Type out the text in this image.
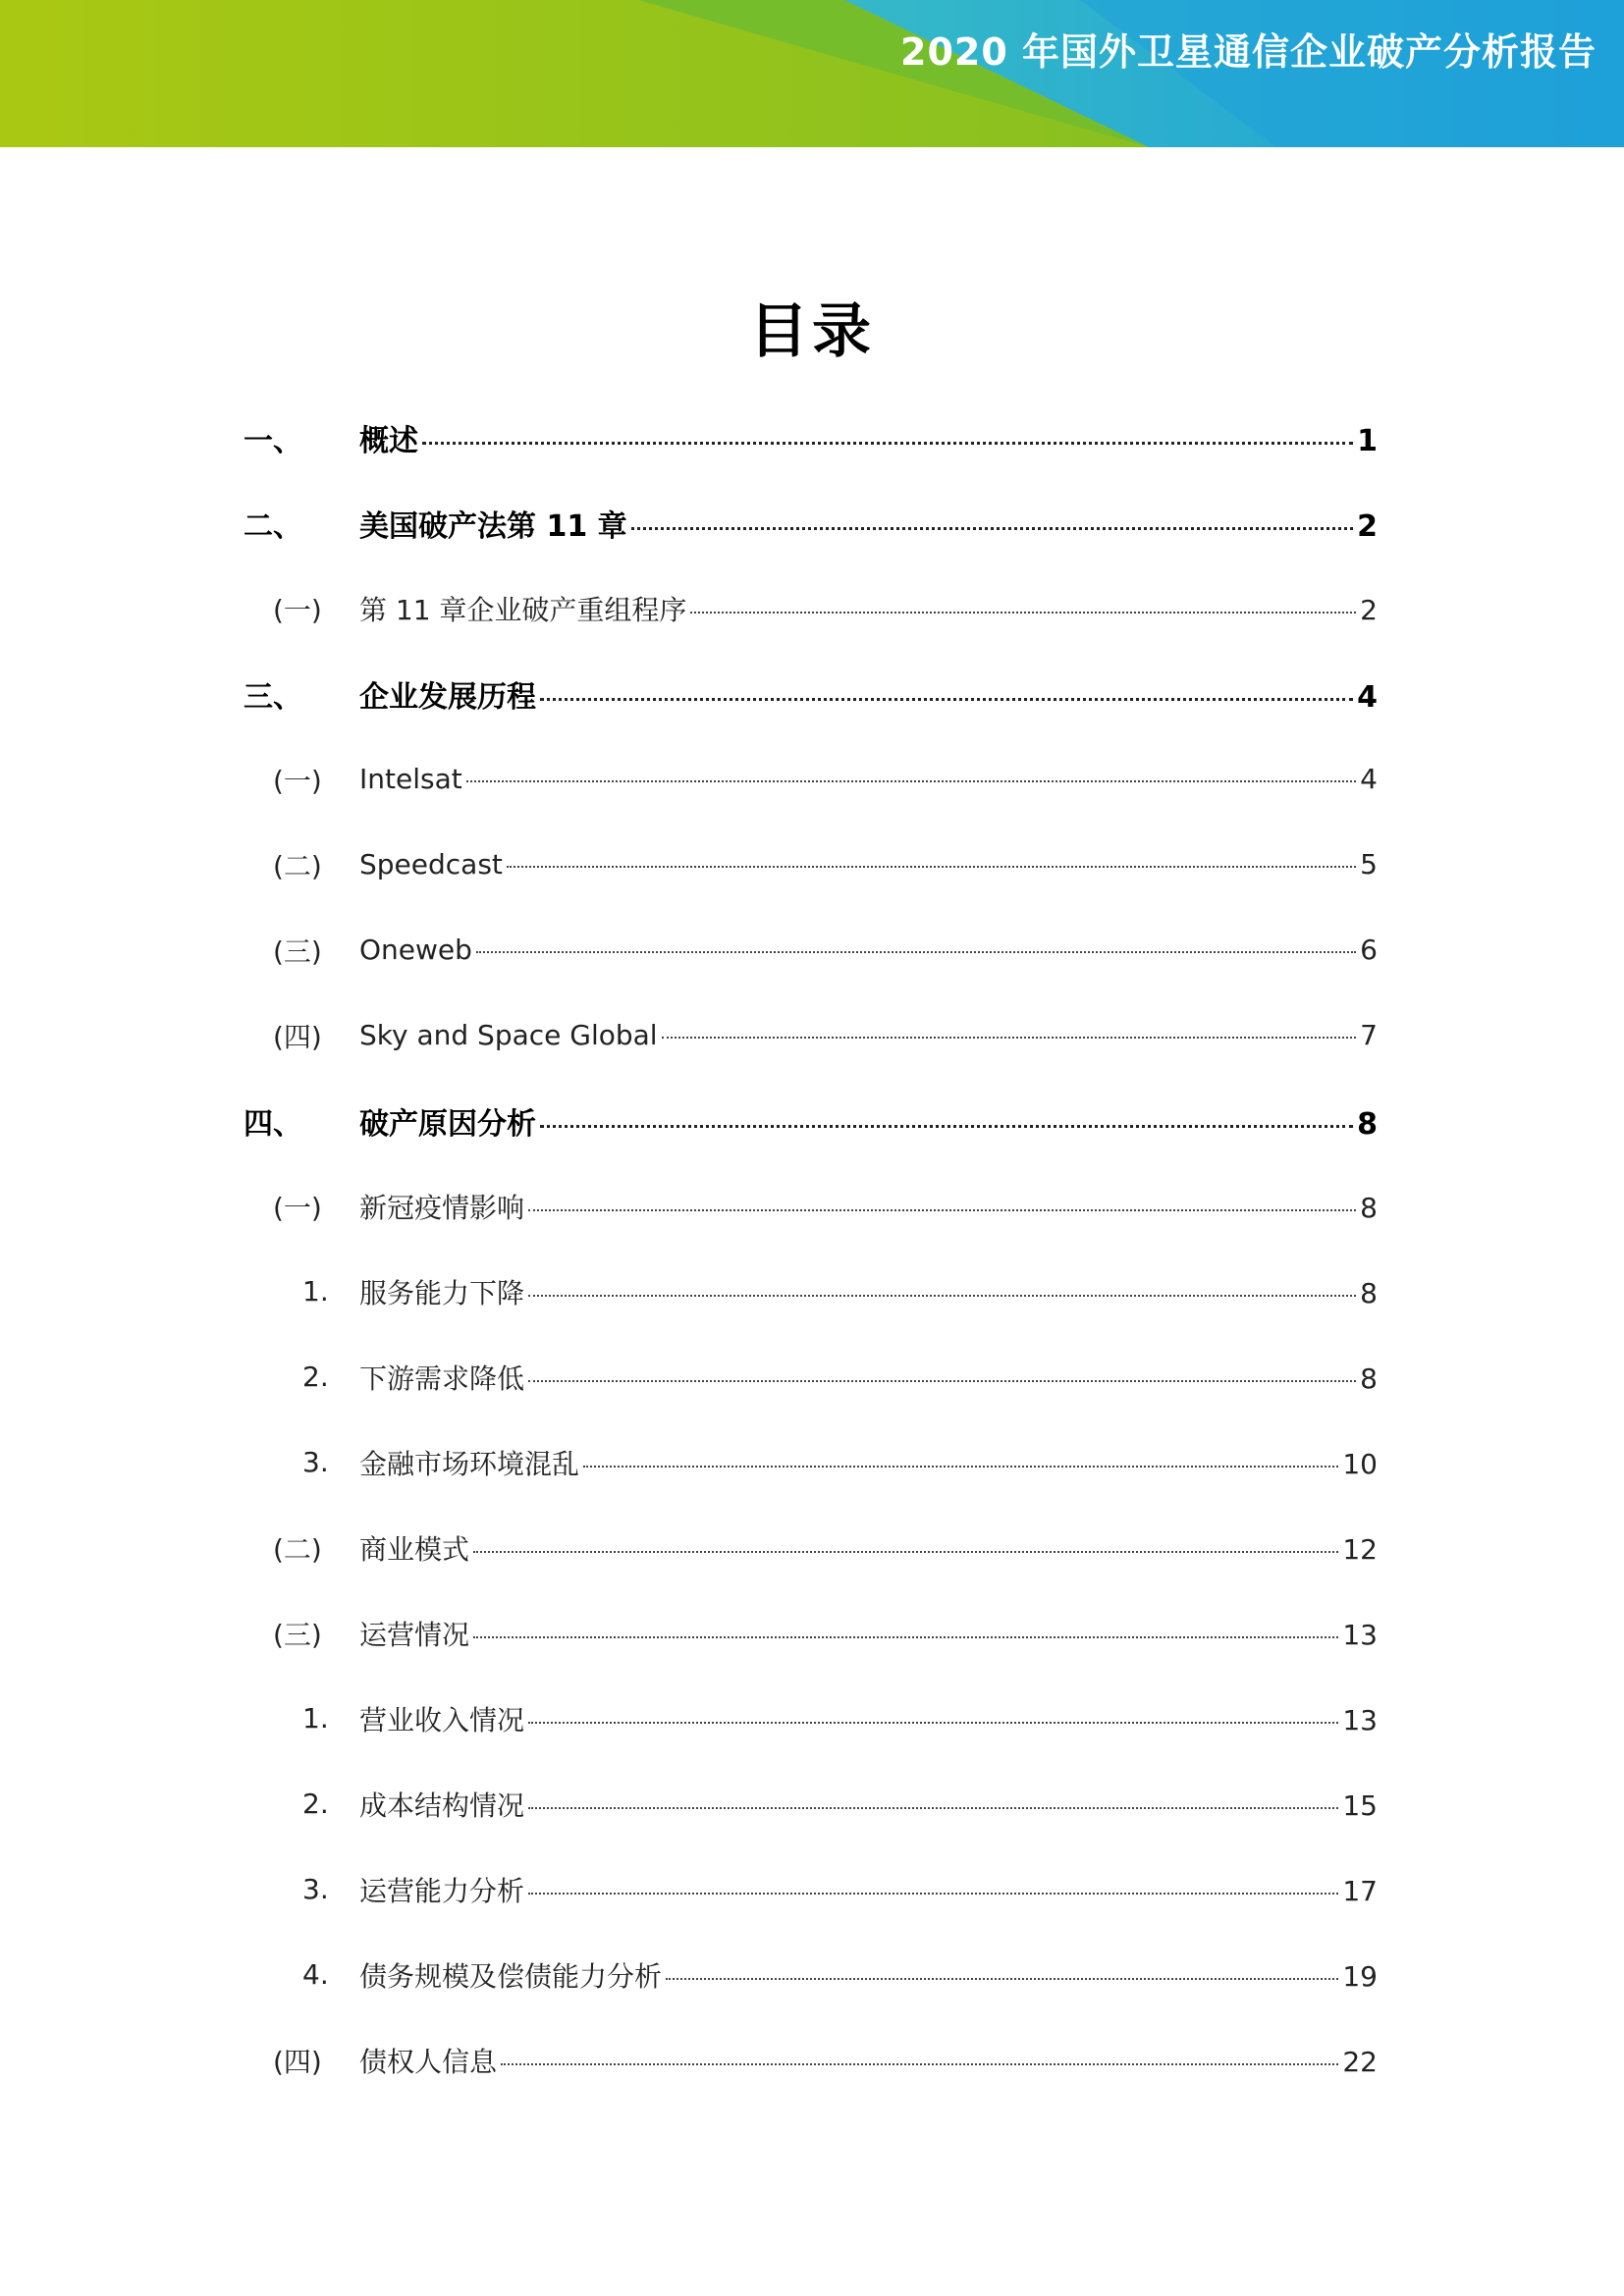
2020 年国外卫星通信企业破产分析报告
目录
一、 概述	1
二、 美国破产法第 11 章	2
(一) 第 11 章企业破产重组程序	2
三、 企业发展历程	4
(一) Intelsat	4
(二) Speedcast	5
(三) Oneweb	6
(四) Sky and Space Global	7
四、 破产原因分析	8
(一) 新冠疫情影响	8
1. 服务能力下降	8
2. 下游需求降低	8
3. 金融市场环境混乱	10
(二) 商业模式	12
(三) 运营情况	13
1. 营业收入情况	13
2. 成本结构情况	15
3. 运营能力分析	17
4. 债务规模及偿债能力分析	19
(四) 债权人信息	22
